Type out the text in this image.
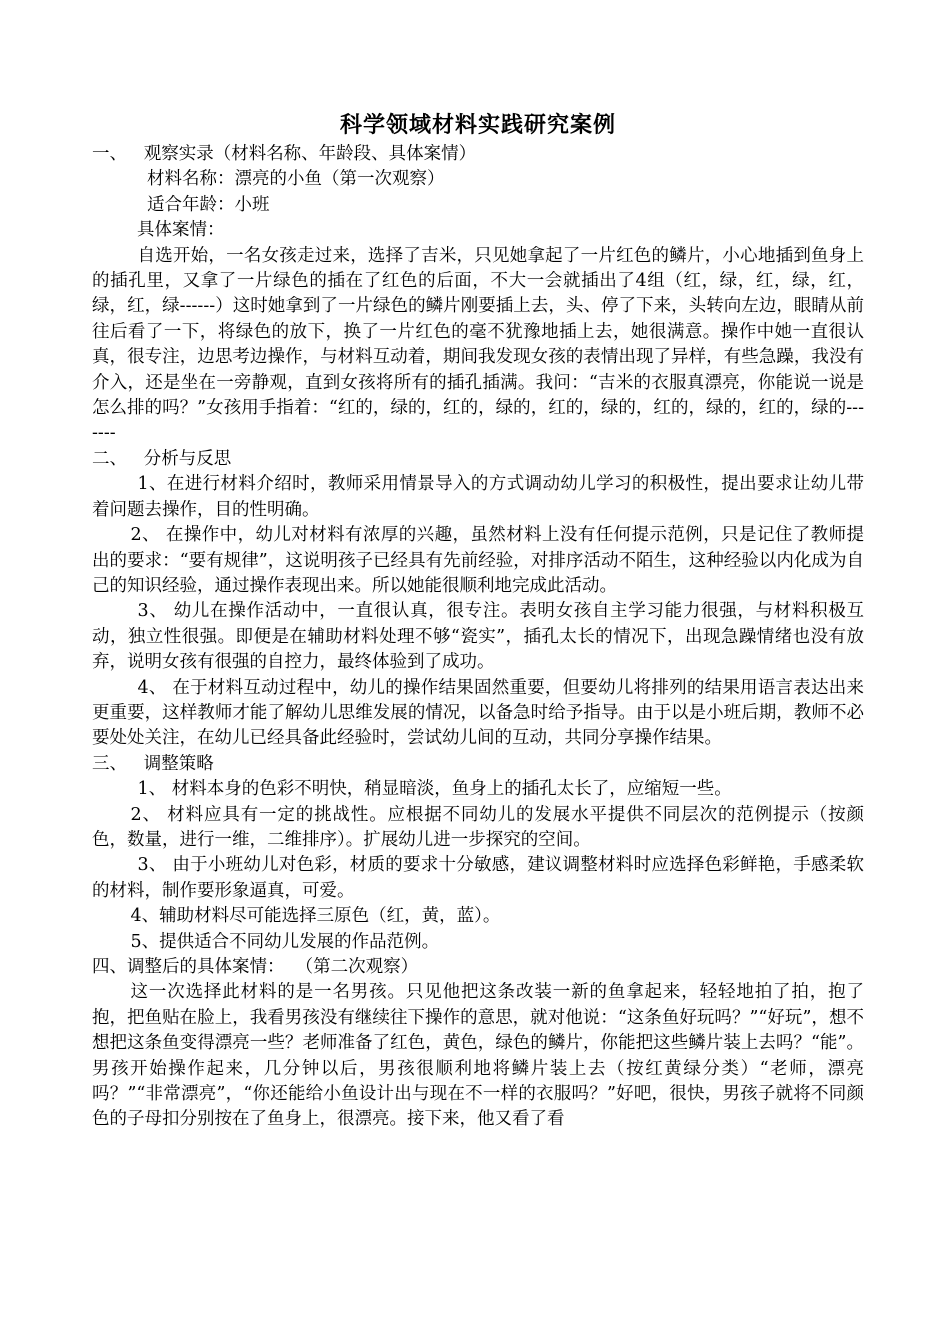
科学领域材料实践研究案例

一、   观察实录（材料名称、年龄段、具体案情）

材料名称：漂亮的小鱼（第一次观察）

适合年龄：小班

具体案情：

自选开始，一名女孩走过来，选择了吉米，只见她拿起了一片红色的鳞片，小心地插到鱼身上的插孔里，又拿了一片绿色的插在了红色的后面，不大一会就插出了4组（红，绿，红，绿，红，绿，红，绿------）这时她拿到了一片绿色的鳞片刚要插上去，头、停了下来，头转向左边，眼睛从前往后看了一下，将绿色的放下，换了一片红色的毫不犹豫地插上去，她很满意。操作中她一直很认真，很专注，边思考边操作，与材料互动着，期间我发现女孩的表情出现了异样，有些急躁，我没有介入，还是坐在一旁静观，直到女孩将所有的插孔插满。我问：“吉米的衣服真漂亮，你能说一说是怎么排的吗？”女孩用手指着：“红的，绿的，红的，绿的，红的，绿的，红的，绿的，红的，绿的-------

二、   分析与反思

1、在进行材料介绍时，教师采用情景导入的方式调动幼儿学习的积极性，提出要求让幼儿带着问题去操作，目的性明确。

2、 在操作中，幼儿对材料有浓厚的兴趣，虽然材料上没有任何提示范例，只是记住了教师提出的要求：“要有规律”，这说明孩子已经具有先前经验，对排序活动不陌生，这种经验以内化成为自己的知识经验，通过操作表现出来。所以她能很顺利地完成此活动。

3、 幼儿在操作活动中，一直很认真，很专注。表明女孩自主学习能力很强，与材料积极互动，独立性很强。即便是在辅助材料处理不够“瓷实”，插孔太长的情况下，出现急躁情绪也没有放弃，说明女孩有很强的自控力，最终体验到了成功。

4、 在于材料互动过程中，幼儿的操作结果固然重要，但要幼儿将排列的结果用语言表达出来更重要，这样教师才能了解幼儿思维发展的情况，以备急时给予指导。由于以是小班后期，教师不必要处处关注，在幼儿已经具备此经验时，尝试幼儿间的互动，共同分享操作结果。

三、   调整策略

1、 材料本身的色彩不明快，稍显暗淡，鱼身上的插孔太长了，应缩短一些。

2、 材料应具有一定的挑战性。应根据不同幼儿的发展水平提供不同层次的范例提示（按颜色，数量，进行一维，二维排序）。扩展幼儿进一步探究的空间。

3、 由于小班幼儿对色彩，材质的要求十分敏感，建议调整材料时应选择色彩鲜艳，手感柔软的材料，制作要形象逼真，可爱。

4、辅助材料尽可能选择三原色（红，黄，蓝）。

5、提供适合不同幼儿发展的作品范例。

四、调整后的具体案情：  （第二次观察）

这一次选择此材料的是一名男孩。只见他把这条改装一新的鱼拿起来，轻轻地拍了拍，抱了抱，把鱼贴在脸上，我看男孩没有继续往下操作的意思，就对他说：“这条鱼好玩吗？”“好玩”，想不想把这条鱼变得漂亮一些？老师准备了红色，黄色，绿色的鳞片，你能把这些鳞片装上去吗？“能”。男孩开始操作起来，几分钟以后，男孩很顺利地将鳞片装上去（按红黄绿分类）“老师，漂亮吗？”“非常漂亮”，“你还能给小鱼设计出与现在不一样的衣服吗？”好吧，很快，男孩子就将不同颜色的子母扣分别按在了鱼身上，很漂亮。接下来，他又看了看
